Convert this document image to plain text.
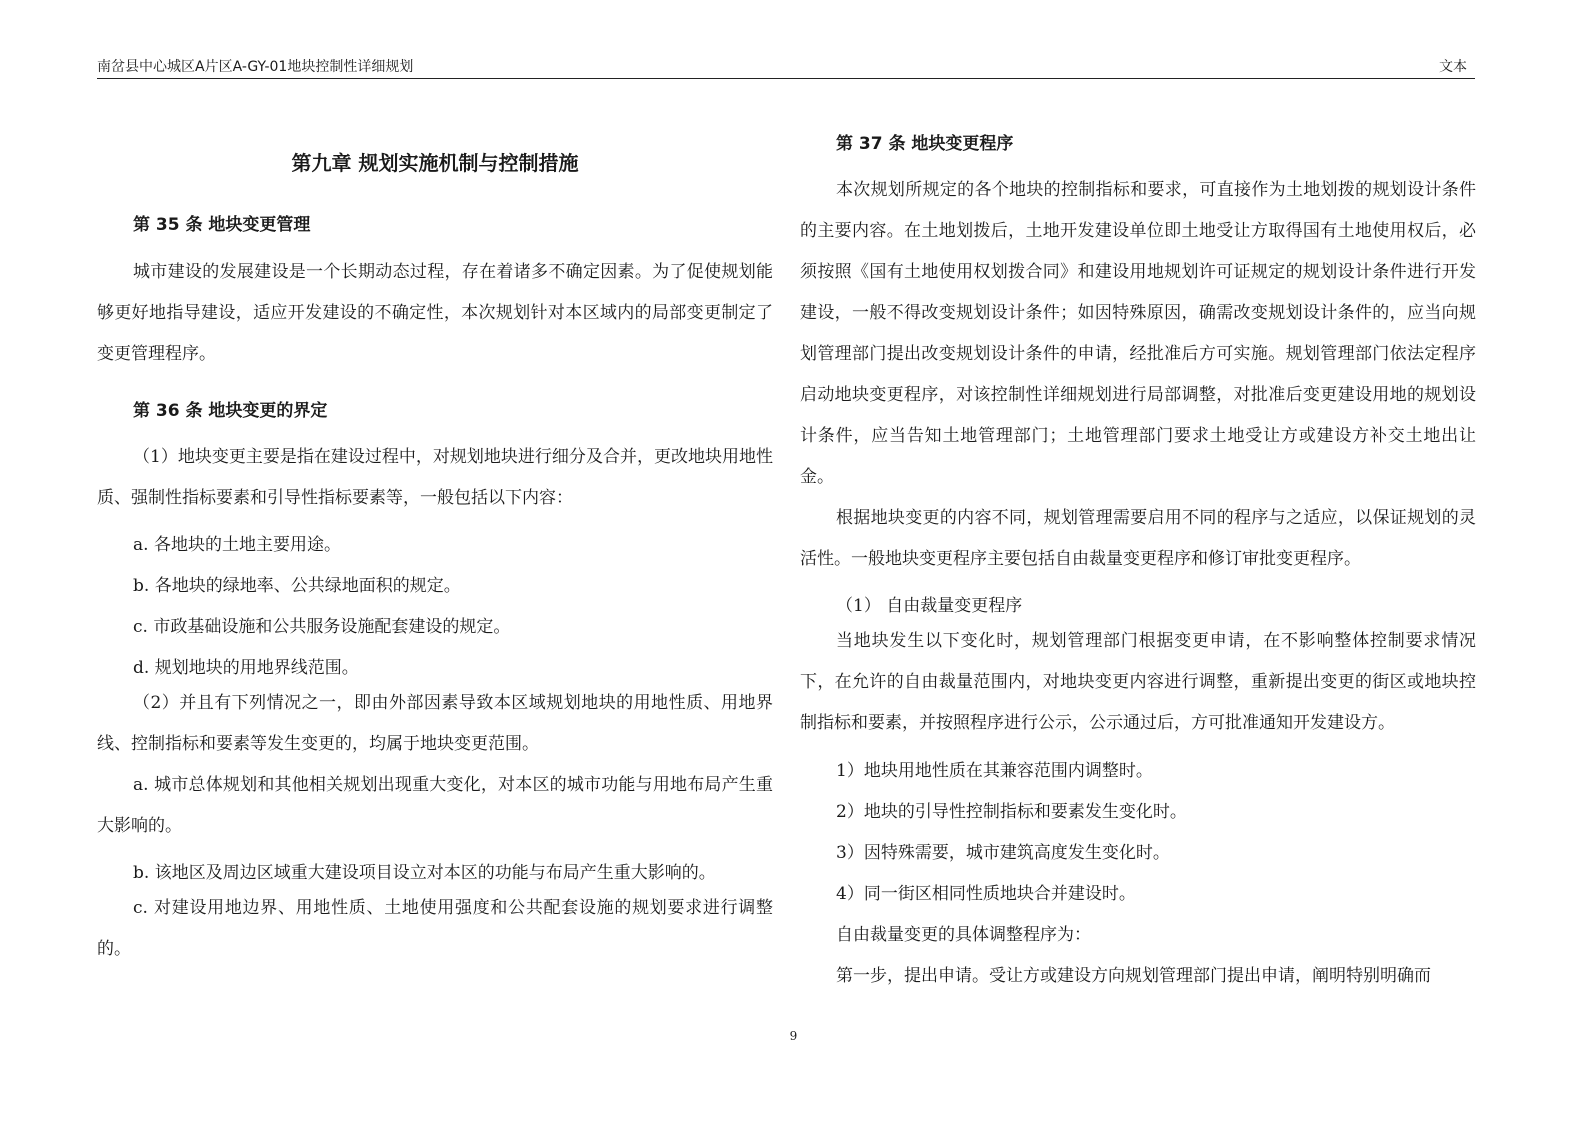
南岔县中心城区A片区A-GY-01地块控制性详细规划	文本
第九章 规划实施机制与控制措施
第 35 条 地块变更管理

城市建设的发展建设是一个长期动态过程，存在着诸多不确定因素。为了促使规划能够更好地指导建设，适应开发建设的不确定性，本次规划针对本区域内的局部变更制定了变更管理程序。

第 36 条 地块变更的界定

（1）地块变更主要是指在建设过程中，对规划地块进行细分及合并，更改地块用地性质、强制性指标要素和引导性指标要素等，一般包括以下内容：

a. 各地块的土地主要用途。
b. 各地块的绿地率、公共绿地面积的规定。
c. 市政基础设施和公共服务设施配套建设的规定。
d. 规划地块的用地界线范围。

（2）并且有下列情况之一，即由外部因素导致本区域规划地块的用地性质、用地界线、控制指标和要素等发生变更的，均属于地块变更范围。

a. 城市总体规划和其他相关规划出现重大变化，对本区的城市功能与用地布局产生重大影响的。

b. 该地区及周边区域重大建设项目设立对本区的功能与布局产生重大影响的。

c. 对建设用地边界、用地性质、土地使用强度和公共配套设施的规划要求进行调整的。

第 37 条 地块变更程序

本次规划所规定的各个地块的控制指标和要求，可直接作为土地划拨的规划设计条件的主要内容。在土地划拨后，土地开发建设单位即土地受让方取得国有土地使用权后，必须按照《国有土地使用权划拨合同》和建设用地规划许可证规定的规划设计条件进行开发建设，一般不得改变规划设计条件；如因特殊原因，确需改变规划设计条件的，应当向规划管理部门提出改变规划设计条件的申请，经批准后方可实施。规划管理部门依法定程序启动地块变更程序，对该控制性详细规划进行局部调整，对批准后变更建设用地的规划设计条件，应当告知土地管理部门；土地管理部门要求土地受让方或建设方补交土地出让金。

根据地块变更的内容不同，规划管理需要启用不同的程序与之适应，以保证规划的灵活性。一般地块变更程序主要包括自由裁量变更程序和修订审批变更程序。

（1） 自由裁量变更程序

当地块发生以下变化时，规划管理部门根据变更申请，在不影响整体控制要求情况下，在允许的自由裁量范围内，对地块变更内容进行调整，重新提出变更的街区或地块控制指标和要素，并按照程序进行公示，公示通过后，方可批准通知开发建设方。

1）地块用地性质在其兼容范围内调整时。
2）地块的引导性控制指标和要素发生变化时。
3）因特殊需要，城市建筑高度发生变化时。
4）同一街区相同性质地块合并建设时。
自由裁量变更的具体调整程序为：
第一步，提出申请。受让方或建设方向规划管理部门提出申请，阐明特别明确而
9
